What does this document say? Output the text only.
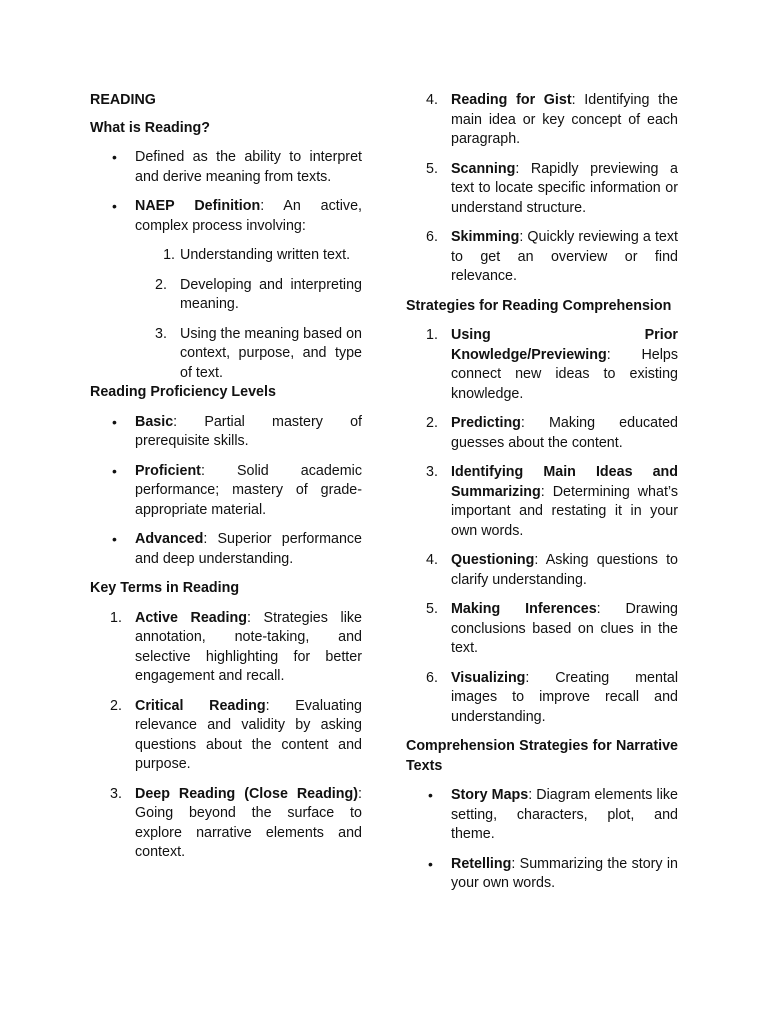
READING
What is Reading?
• Defined as the ability to interpret and derive meaning from texts.
• NAEP Definition: An active, complex process involving:
1. Understanding written text.
2. Developing and interpreting meaning.
3. Using the meaning based on context, purpose, and type of text.
Reading Proficiency Levels
• Basic: Partial mastery of prerequisite skills.
• Proficient: Solid academic performance; mastery of grade-appropriate material.
• Advanced: Superior performance and deep understanding.
Key Terms in Reading
1. Active Reading: Strategies like annotation, note-taking, and selective highlighting for better engagement and recall.
2. Critical Reading: Evaluating relevance and validity by asking questions about the content and purpose.
3. Deep Reading (Close Reading): Going beyond the surface to explore narrative elements and context.
4. Reading for Gist: Identifying the main idea or key concept of each paragraph.
5. Scanning: Rapidly previewing a text to locate specific information or understand structure.
6. Skimming: Quickly reviewing a text to get an overview or find relevance.
Strategies for Reading Comprehension
1. Using Prior Knowledge/Previewing: Helps connect new ideas to existing knowledge.
2. Predicting: Making educated guesses about the content.
3. Identifying Main Ideas and Summarizing: Determining what’s important and restating it in your own words.
4. Questioning: Asking questions to clarify understanding.
5. Making Inferences: Drawing conclusions based on clues in the text.
6. Visualizing: Creating mental images to improve recall and understanding.
Comprehension Strategies for Narrative Texts
• Story Maps: Diagram elements like setting, characters, plot, and theme.
• Retelling: Summarizing the story in your own words.
